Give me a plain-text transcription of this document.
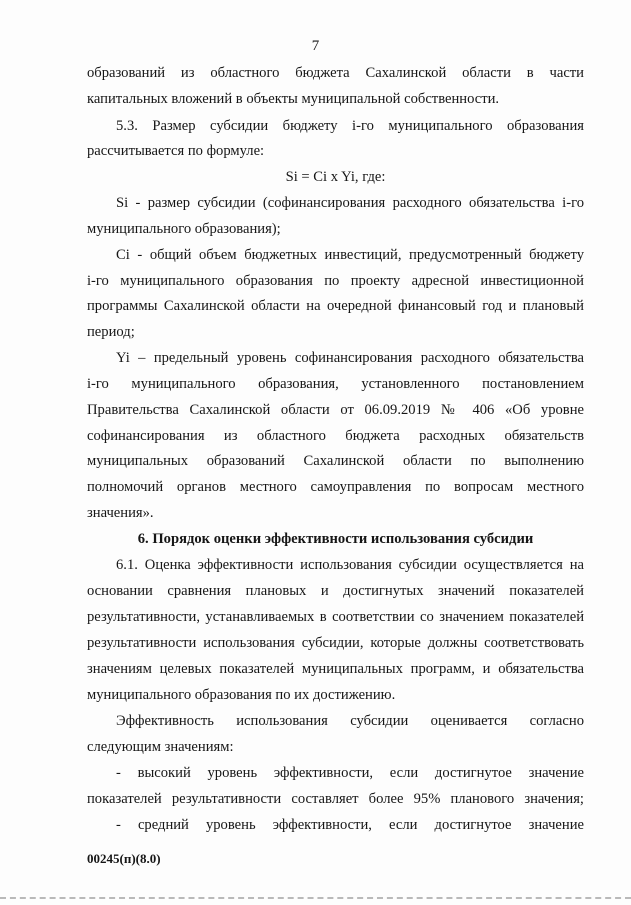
7
образований из областного бюджета Сахалинской области в части
капитальных вложений в объекты муниципальной собственности.
5.3. Размер субсидии бюджету i-го муниципального образования
рассчитывается по формуле:
Si = Ci x Yi, где:
Si - размер субсидии (софинансирования расходного обязательства i-го
муниципального образования);
Ci - общий объем бюджетных инвестиций, предусмотренный бюджету
i-го муниципального образования по проекту адресной инвестиционной
программы Сахалинской области на очередной финансовый год и плановый
период;
Yi – предельный уровень софинансирования расходного обязательства
i-го муниципального образования, установленного постановлением
Правительства Сахалинской области от 06.09.2019 № 406 «Об уровне
софинансирования из областного бюджета расходных обязательств
муниципальных образований Сахалинской области по выполнению
полномочий органов местного самоуправления по вопросам местного
значения».
6. Порядок оценки эффективности использования субсидии
6.1. Оценка эффективности использования субсидии осуществляется на
основании сравнения плановых и достигнутых значений показателей
результативности, устанавливаемых в соответствии со значением показателей
результативности использования субсидии, которые должны соответствовать
значениям целевых показателей муниципальных программ, и обязательства
муниципального образования по их достижению.
Эффективность использования субсидии оценивается согласно
следующим значениям:
- высокий уровень эффективности, если достигнутое значение
показателей результативности составляет более 95% планового значения;
- средний уровень эффективности, если достигнутое значение
00245(п)(8.0)
